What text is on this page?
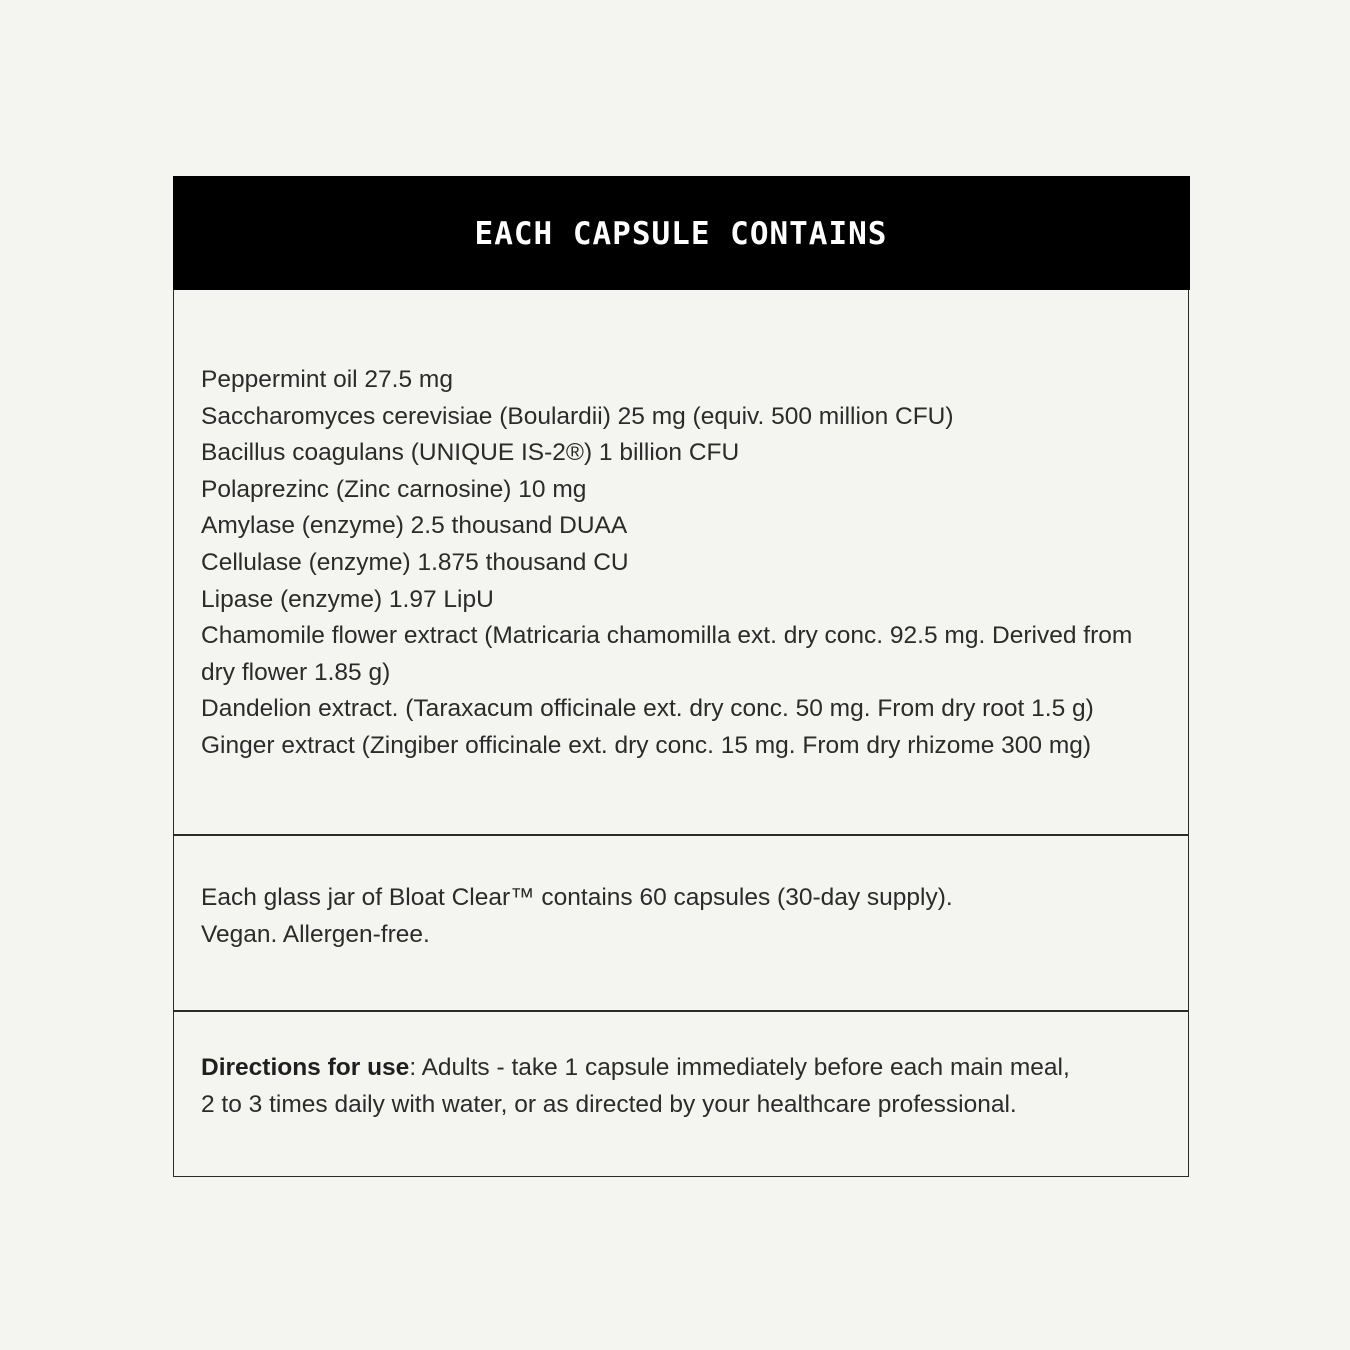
EACH CAPSULE CONTAINS
Peppermint oil 27.5 mg
Saccharomyces cerevisiae (Boulardii) 25 mg (equiv. 500 million CFU)
Bacillus coagulans (UNIQUE IS-2®) 1 billion CFU
Polaprezinc (Zinc carnosine) 10 mg
Amylase (enzyme) 2.5 thousand DUAA
Cellulase (enzyme) 1.875 thousand CU
Lipase (enzyme) 1.97 LipU
Chamomile flower extract (Matricaria chamomilla ext. dry conc. 92.5 mg. Derived from dry flower 1.85 g)
Dandelion extract. (Taraxacum officinale ext. dry conc. 50 mg. From dry root 1.5 g)
Ginger extract (Zingiber officinale ext. dry conc. 15 mg. From dry rhizome 300 mg)
Each glass jar of Bloat Clear™ contains 60 capsules (30-day supply).
Vegan. Allergen-free.
Directions for use: Adults - take 1 capsule immediately before each main meal,
2 to 3 times daily with water, or as directed by your healthcare professional.
